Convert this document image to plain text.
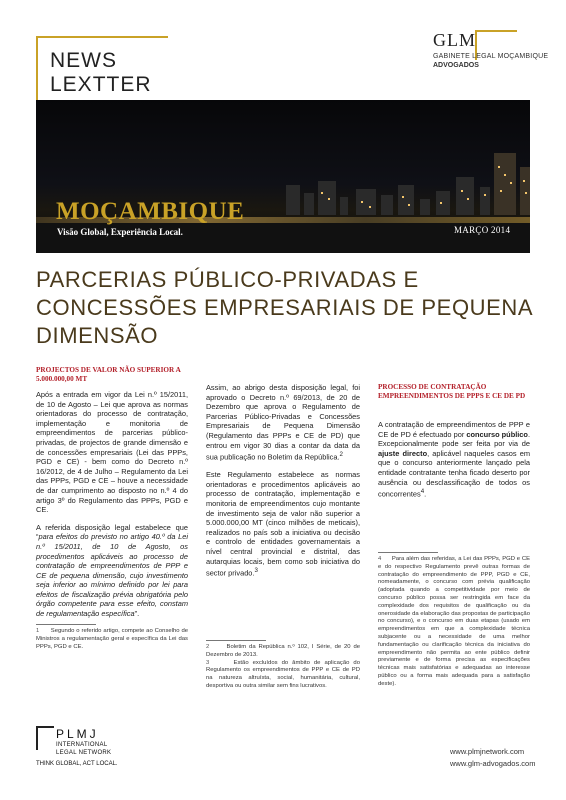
NEWS
LEXTTER
GLM
GABINETE LEGAL MOÇAMBIQUE
ADVOGADOS
MOÇAMBIQUE
Visão Global, Experiência Local.	MARÇO 2014
PARCERIAS PÚBLICO-PRIVADAS E CONCESSÕES EMPRESARIAIS DE PEQUENA DIMENSÃO
PROJECTOS DE VALOR NÃO SUPERIOR A 5.000.000,00 MT

Após a entrada em vigor da Lei n.º 15/2011, de 10 de Agosto – Lei que aprova as normas orientadoras do processo de contratação, implementação e monitoria de empreendimentos de parcerias público-privadas, de projectos de grande dimensão e de concessões empresariais (Lei das PPPs, PGD e CE) - bem como do Decreto n.º 16/2012, de 4 de Julho – Regulamento da Lei das PPPs, PGD e CE – houve a necessidade de dar cumprimento ao disposto no n.º 4 do artigo 3º do Regulamento das PPPs, PGD e CE.

A referida disposição legal estabelece que “para efeitos do previsto no artigo 40.º da Lei n.º 15/2011, de 10 de Agosto, os procedimentos aplicáveis ao processo de contratação de empreendimentos de PPP e CE de pequena dimensão, cujo investimento seja inferior ao mínimo definido por lei para efeitos de fiscalização prévia obrigatória pelo órgão competente para esse efeito, constam de regulamentação específica”.

Assim, ao abrigo desta disposição legal, foi aprovado o Decreto n.º 69/2013, de 20 de Dezembro que aprova o Regulamento de Parcerias Público-Privadas e Concessões Empresariais de Pequena Dimensão (Regulamento das PPPs e CE de PD) que entrou em vigor 30 dias a contar da data da sua publicação no Boletim da República.$^2$

Este Regulamento estabelece as normas orientadoras e procedimentos aplicáveis ao processo de contratação, implementação e monitoria de empreendimentos cujo montante de investimento seja de valor não superior a 5.000.000,00 MT (cinco milhões de meticais), realizados no país sob a iniciativa ou decisão e controlo de entidades governamentais a nível central provincial e distrital, das autarquias locais, bem como sob iniciativa do sector privado.$^3$

PROCESSO DE CONTRATAÇÃO EMPREENDIMENTOS DE PPPS E CE DE PD

A contratação de empreendimentos de PPP e CE de PD é efectuado por concurso público. Excepcionalmente pode ser feita por via de ajuste directo, aplicável naqueles casos em que o concurso anteriormente lançado pela entidade contratante tenha ficado deserto por ausência ou desclassificação de todos os concorrentes$^4$.

1 Segundo o referido artigo, compete ao Conselho de Ministros a regulamentação geral e específica da Lei das PPPs, PGD e CE.	2	Boletim da República n.º 102, I Série, de 20 de Dezembro de 2013.
3	Estão excluídos do âmbito de aplicação do Regulamento os empreendimentos de PPP e CE de PD na natureza altruísta, social, humanitária, cultural, desportiva ou outra similar sem fins lucrativos.
4 Para além das referidas, a Lei das PPPs, PGD e CE e do respectivo Regulamento prevê outras formas de contratação do empreendimento de PPP, PGD e CE, nomeadamente, o concurso com prévia qualificação (adoptada quando a competitividade por meio de concurso público possa ser restringida em face da complexidade dos requisitos de qualificação ou da onerosidade da elaboração das propostas de participação no concurso), e o concurso em duas etapas (usado em empreendimentos em que a complexidade técnica subjacente ou a necessidade de uma melhor fundamentação ou clarificação técnica da iniciativa do empreendimento não permita ao ente público definir previamente e de forma precisa as especificações técnicas mais satisfatórias e adequadas ao interesse público ou a forma mais adequada para a satisfação deste).
PLMJ
INTERNATIONAL
LEGAL NETWORK
THINK GLOBAL, ACT LOCAL.
www.plmjnetwork.com
www.glm-advogados.com
